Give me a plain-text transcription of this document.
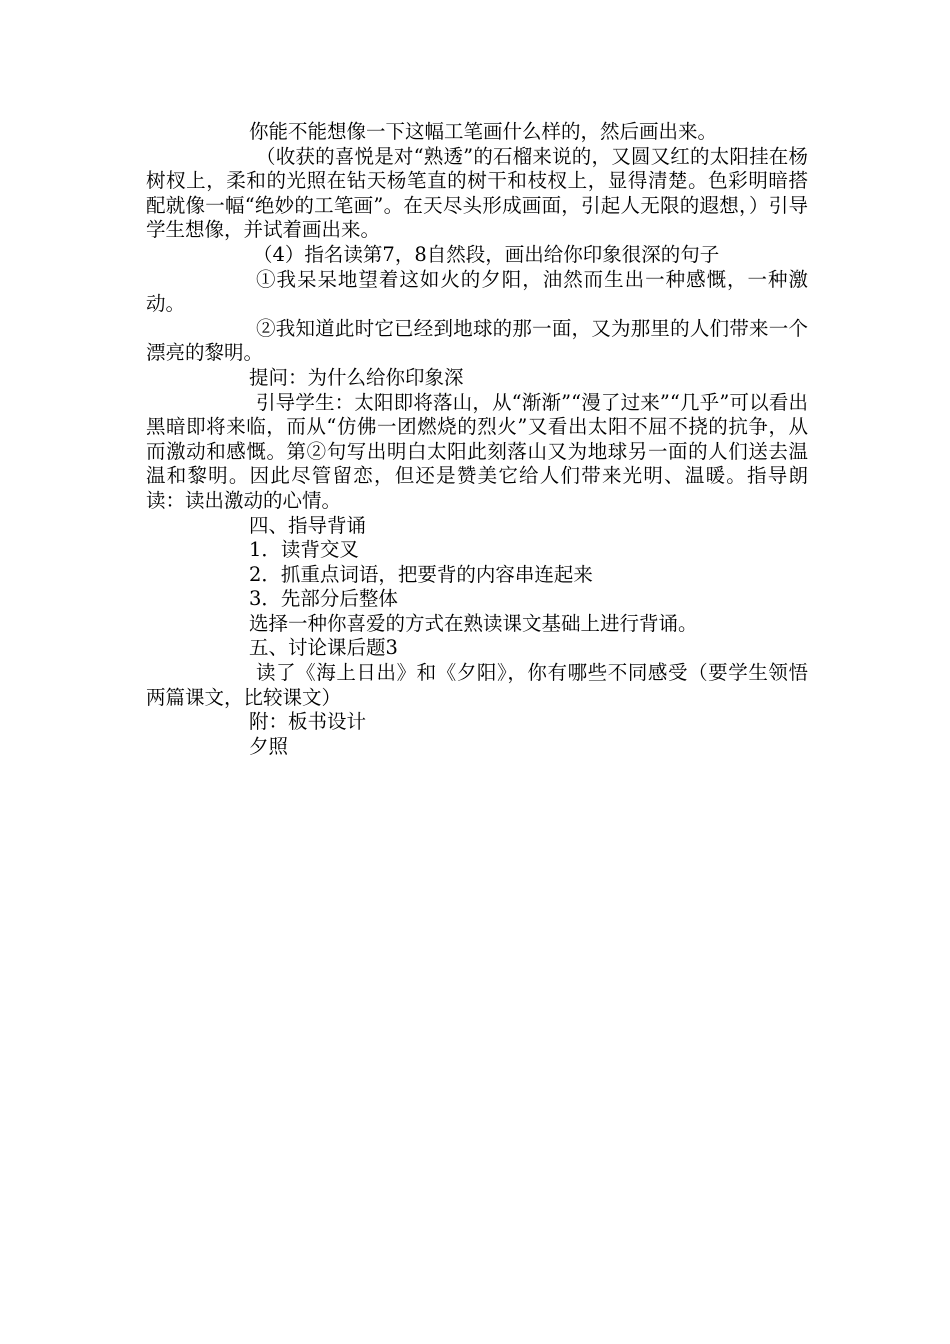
你能不能想像一下这幅工笔画什么样的，然后画出来。

（收获的喜悦是对“熟透”的石榴来说的，又圆又红的太阳挂在杨树杈上，柔和的光照在钻天杨笔直的树干和枝杈上，显得清楚。色彩明暗搭配就像一幅“绝妙的工笔画”。在天尽头形成画面，引起人无限的遐想，）引导学生想像，并试着画出来。

（4）指名读第7，8自然段，画出给你印象很深的句子

①我呆呆地望着这如火的夕阳，油然而生出一种感慨，一种激动。

②我知道此时它已经到地球的那一面，又为那里的人们带来一个漂亮的黎明。

提问：为什么给你印象深

引导学生：太阳即将落山，从“渐渐”“漫了过来”“几乎”可以看出黑暗即将来临，而从“仿佛一团燃烧的烈火”又看出太阳不屈不挠的抗争，从而激动和感慨。第②句写出明白太阳此刻落山又为地球另一面的人们送去温温和黎明。因此尽管留恋，但还是赞美它给人们带来光明、温暖。指导朗读：读出激动的心情。

四、指导背诵

1．读背交叉

2．抓重点词语，把要背的内容串连起来

3．先部分后整体

选择一种你喜爱的方式在熟读课文基础上进行背诵。

五、讨论课后题3

读了《海上日出》和《夕阳》，你有哪些不同感受（要学生领悟两篇课文，比较课文）

附：板书设计

夕照
